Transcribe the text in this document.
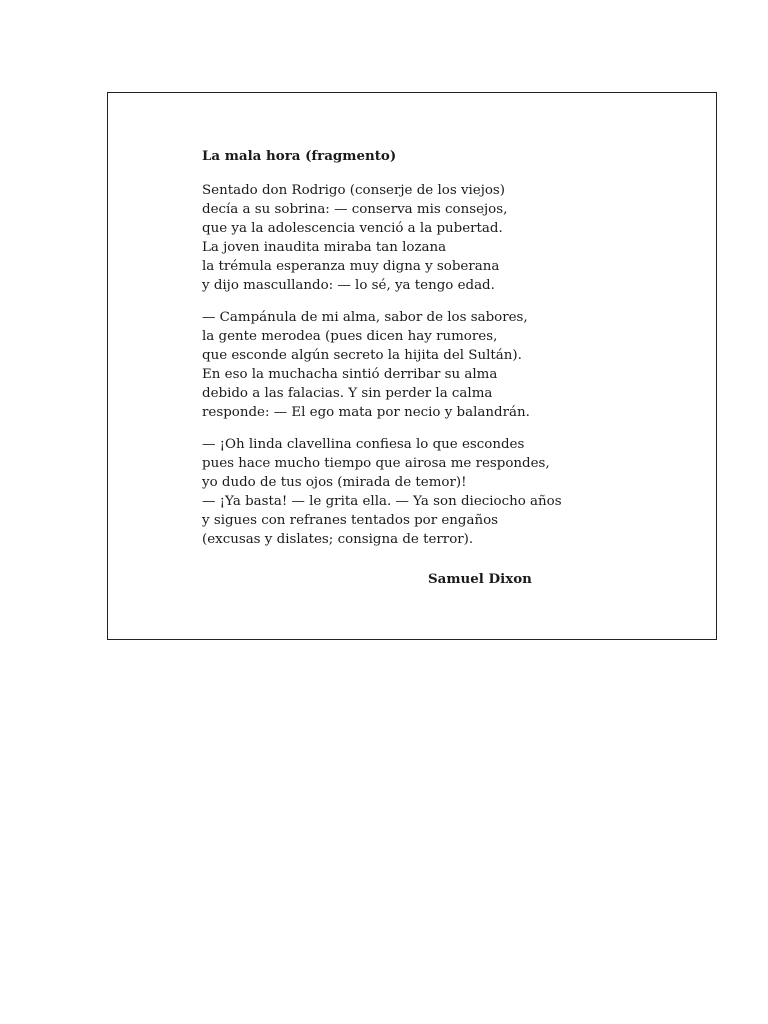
La mala hora (fragmento)
Sentado don Rodrigo (conserje de los viejos)
decía a su sobrina: — conserva mis consejos,
que ya la adolescencia venció a la pubertad.
La joven inaudita miraba tan lozana
la trémula esperanza muy digna y soberana
y dijo mascullando: — lo sé, ya tengo edad.
— Campánula de mi alma, sabor de los sabores,
la gente merodea (pues dicen hay rumores,
que esconde algún secreto la hijita del Sultán).
En eso la muchacha sintió derribar su alma
debido a las falacias. Y sin perder la calma
responde: — El ego mata por necio y balandrán.
— ¡Oh linda clavellina confiesa lo que escondes
pues hace mucho tiempo que airosa me respondes,
yo dudo de tus ojos (mirada de temor)!
— ¡Ya basta! — le grita ella. — Ya son dieciocho años
y sigues con refranes tentados por engaños
(excusas y dislates; consigna de terror).
Samuel Dixon
